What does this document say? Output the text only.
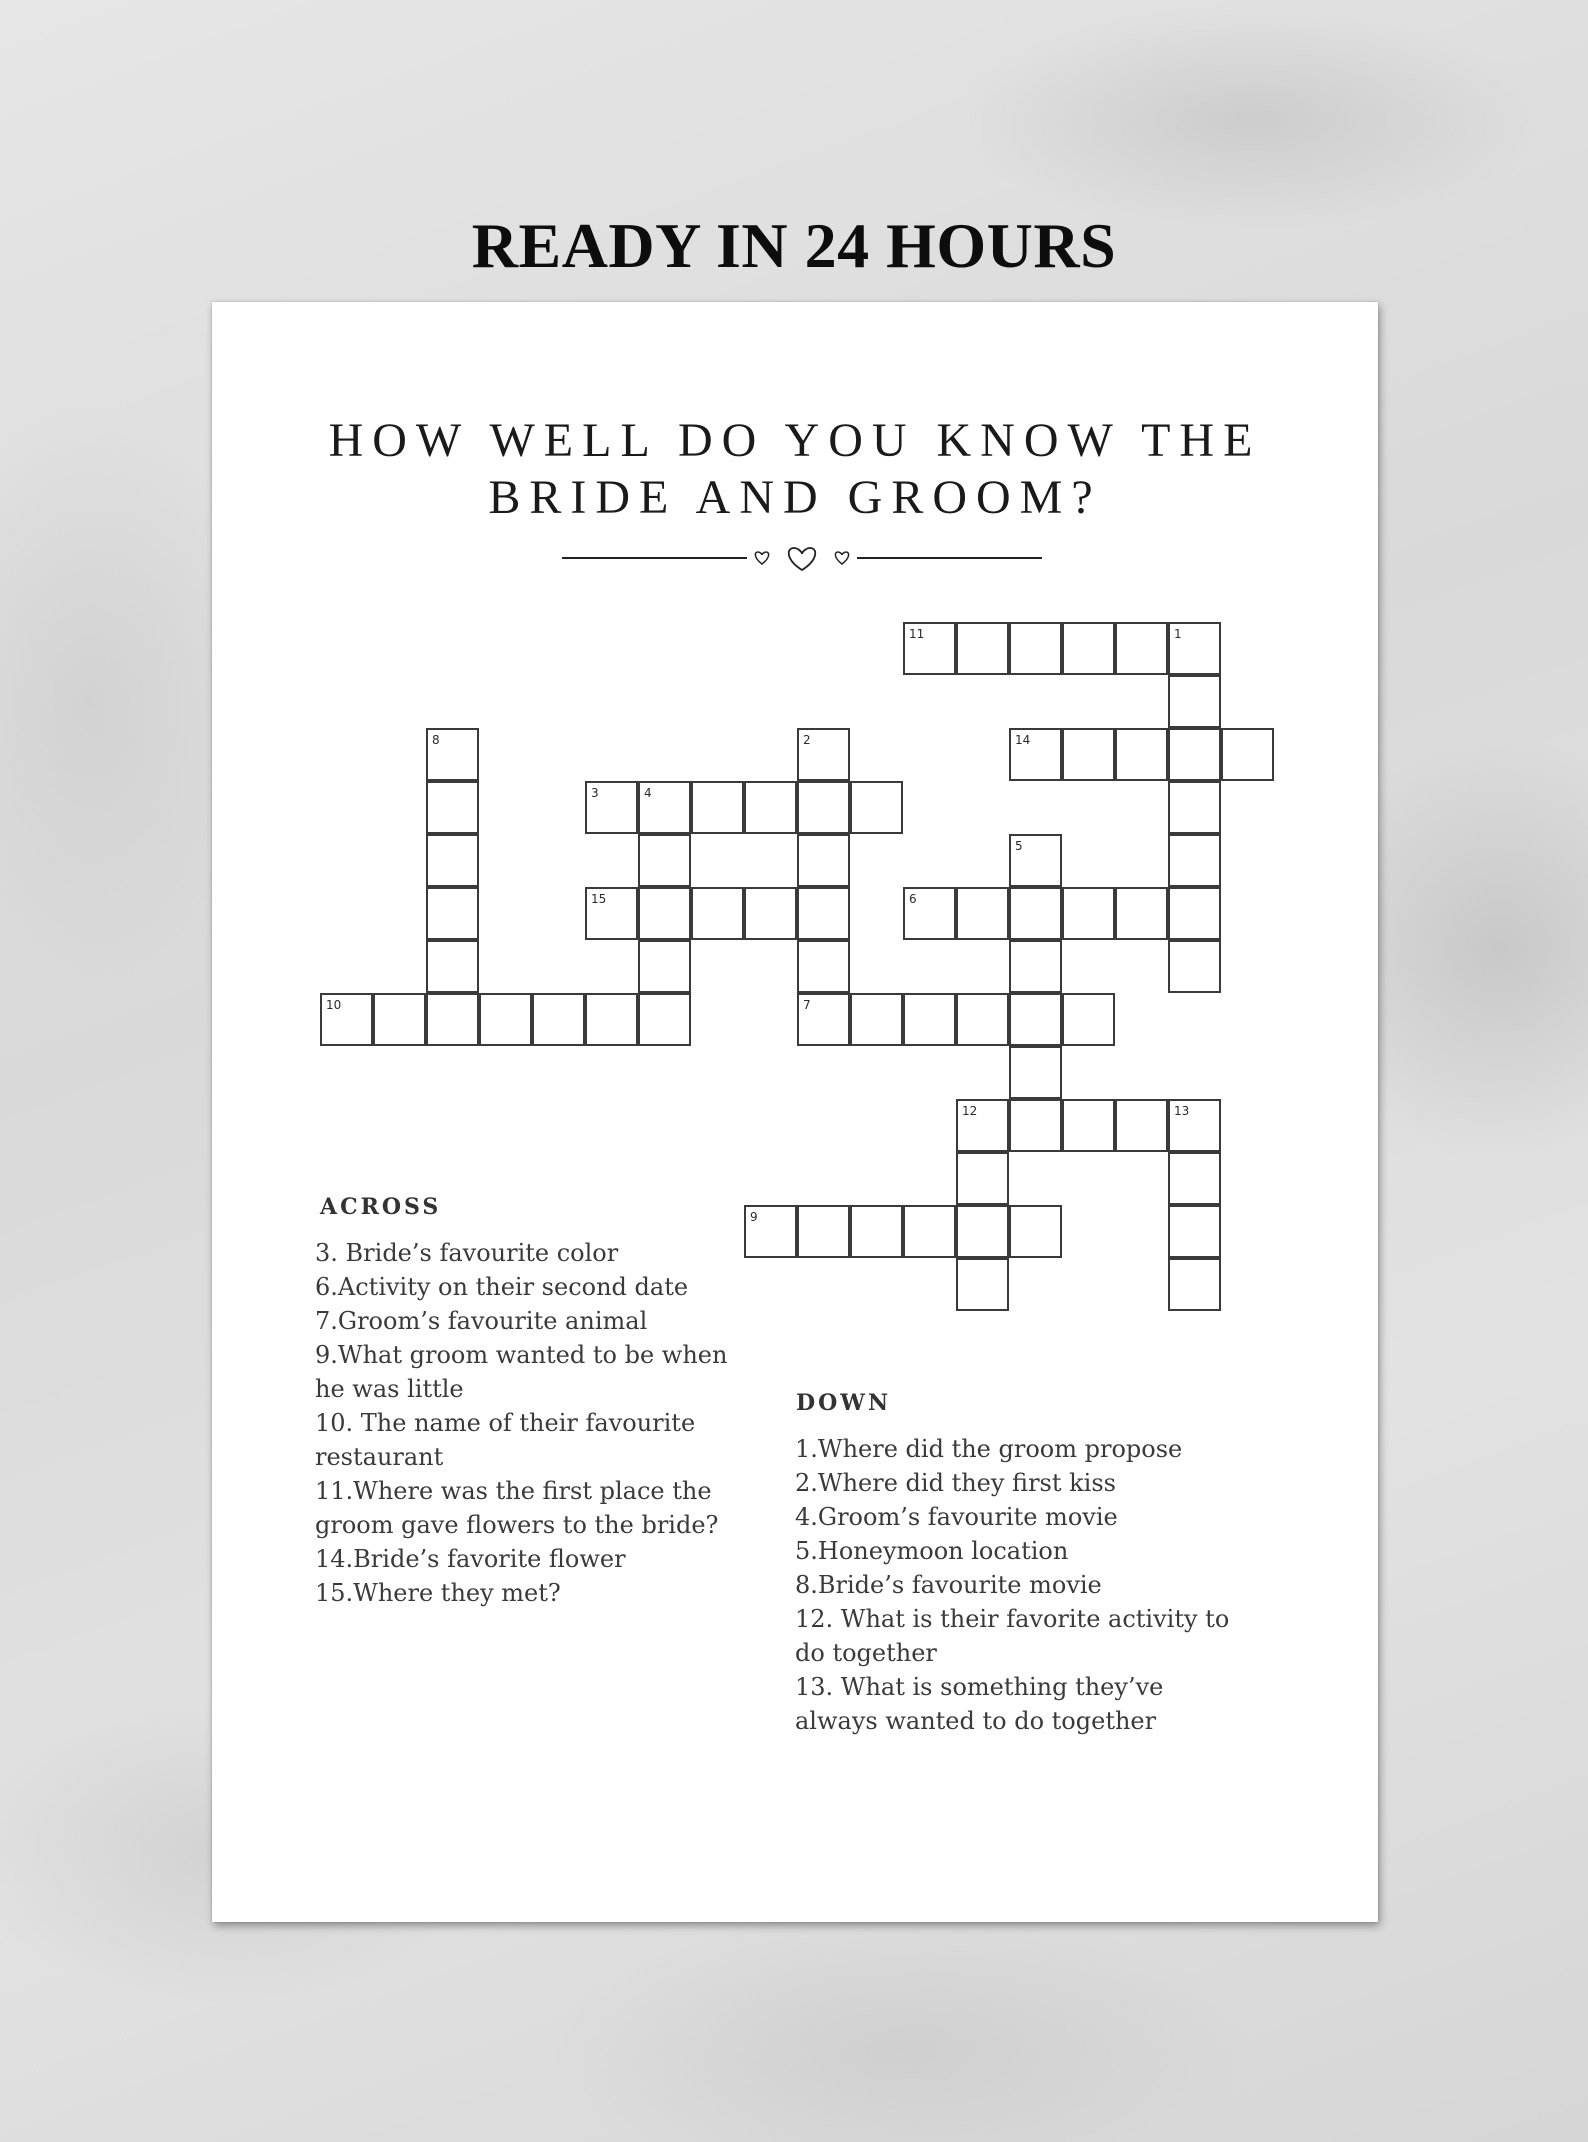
READY IN 24 HOURS
HOW WELL DO YOU KNOW THE
BRIDE AND GROOM?
11	1
8	2
7
14
3	4
5
15	6
10
12	13
9
ACROSS
3. Bride’s favourite color
6.Activity on their second date
7.Groom’s favourite animal
9.What groom wanted to be when
he was little
10. The name of their favourite
restaurant
11.Where was the first place the
groom gave flowers to the bride?
14.Bride’s favorite flower
15.Where they met?
DOWN
1.Where did the groom propose
2.Where did they first kiss
4.Groom’s favourite movie
5.Honeymoon location
8.Bride’s favourite movie
12. What is their favorite activity to
do together
13. What is something they’ve
always wanted to do together
